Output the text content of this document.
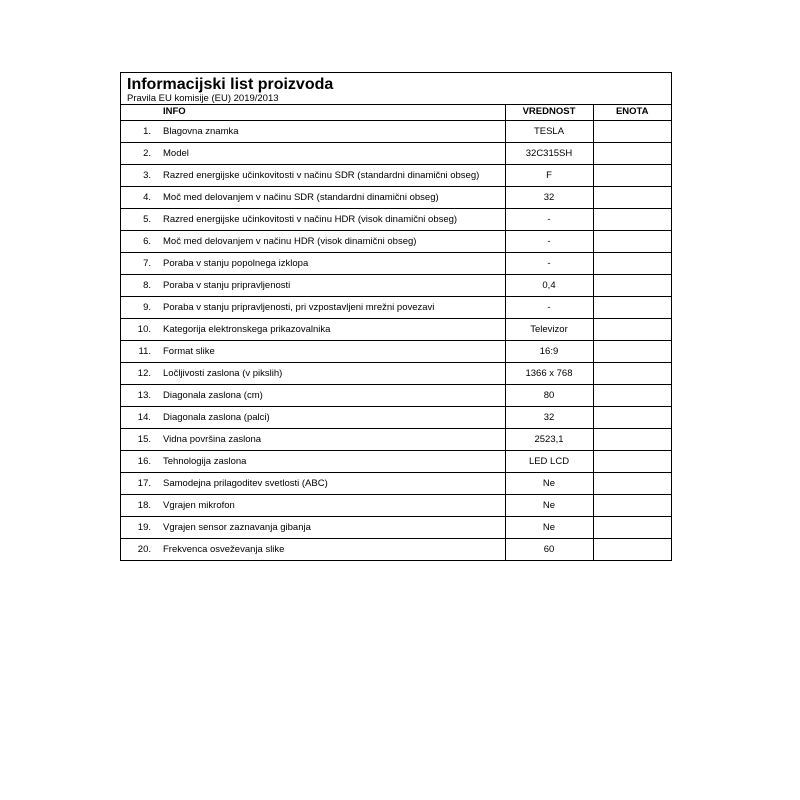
Informacijski list proizvoda

Pravila EU komisije (EU) 2019/2013

INFO	VREDNOST	ENOTA
1. Blagovna znamka	TESLA	
2. Model	32C315SH	
3. Razred energijske učinkovitosti v načinu SDR (standardni dinamični obseg)	F	
4. Moč med delovanjem v načinu SDR (standardni dinamični obseg)	32	
5. Razred energijske učinkovitosti v načinu HDR (visok dinamični obseg)	-	
6. Moč med delovanjem v načinu HDR (visok dinamični obseg)	-	
7. Poraba v stanju popolnega izklopa	-	
8. Poraba v stanju pripravljenosti	0,4	
9. Poraba v stanju pripravljenosti, pri vzpostavljeni mrežni povezavi	-	
10. Kategorija elektronskega prikazovalnika	Televizor	
11. Format slike	16:9	
12. Ločljivosti zaslona (v pikslih)	1366 x 768	
13. Diagonala zaslona (cm)	80	
14. Diagonala zaslona (palci)	32	
15. Vidna površina zaslona	2523,1	
16. Tehnologija zaslona	LED LCD	
17. Samodejna prilagoditev svetlosti (ABC)	Ne	
18. Vgrajen mikrofon	Ne	
19. Vgrajen sensor zaznavanja gibanja	Ne	
20. Frekvenca osveževanja slike	60	
